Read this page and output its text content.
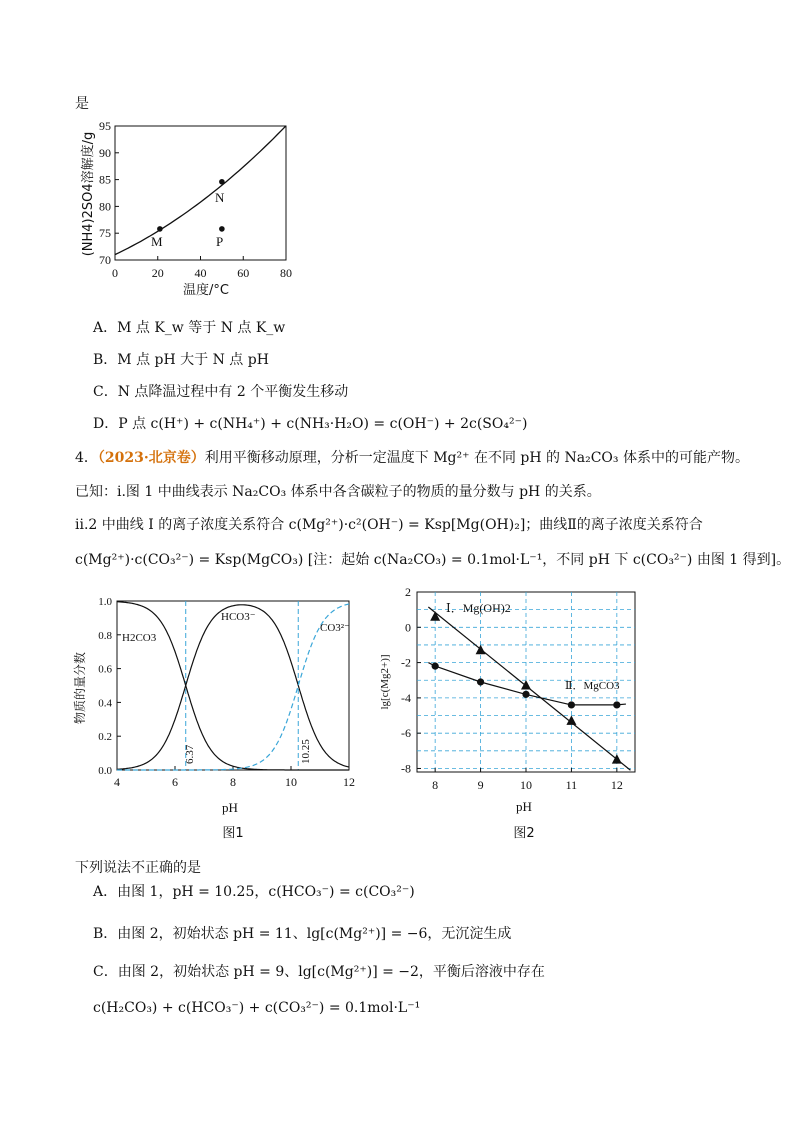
是
95
90
85
80
75
70
0	20	40	60	80
(NH4)2SO4溶解度/g
温度/°C
M
N
P
A．M 点 K_w 等于 N 点 K_w
B．M 点 pH 大于 N 点 pH
C．N 点降温过程中有 2 个平衡发生移动
D．P 点 c(H⁺) + c(NH₄⁺) + c(NH₃·H₂O) = c(OH⁻) + 2c(SO₄²⁻)
4．（2023·北京卷）利用平衡移动原理，分析一定温度下 Mg²⁺ 在不同 pH 的 Na₂CO₃ 体系中的可能产物。
已知：i.图 1 中曲线表示 Na₂CO₃ 体系中各含碳粒子的物质的量分数与 pH 的关系。
ii.2 中曲线 Ⅰ 的离子浓度关系符合 c(Mg²⁺)·c²(OH⁻) = Ksp[Mg(OH)₂]；曲线Ⅱ的离子浓度关系符合
c(Mg²⁺)·c(CO₃²⁻) = Ksp(MgCO₃) [注：起始 c(Na₂CO₃) = 0.1mol·L⁻¹，不同 pH 下 c(CO₃²⁻) 由图 1 得到]。
1.0
0.8
0.6
0.4
0.2
0.0
4	6	8	10	12
物质的量分数
pH
图1
H2CO3
HCO3⁻
CO3²⁻
6.37	10.25
2
0
-2
-4
-6
-8
8	9	10	11	12
lg[c(Mg2+)]
pH
图2
Ⅰ．Mg(OH)2
Ⅱ．MgCO3
下列说法不正确的是
A．由图 1，pH = 10.25，c(HCO₃⁻) = c(CO₃²⁻)
B．由图 2，初始状态 pH = 11、lg[c(Mg²⁺)] = −6，无沉淀生成
C．由图 2，初始状态 pH = 9、lg[c(Mg²⁺)] = −2，平衡后溶液中存在
c(H₂CO₃) + c(HCO₃⁻) + c(CO₃²⁻) = 0.1mol·L⁻¹
